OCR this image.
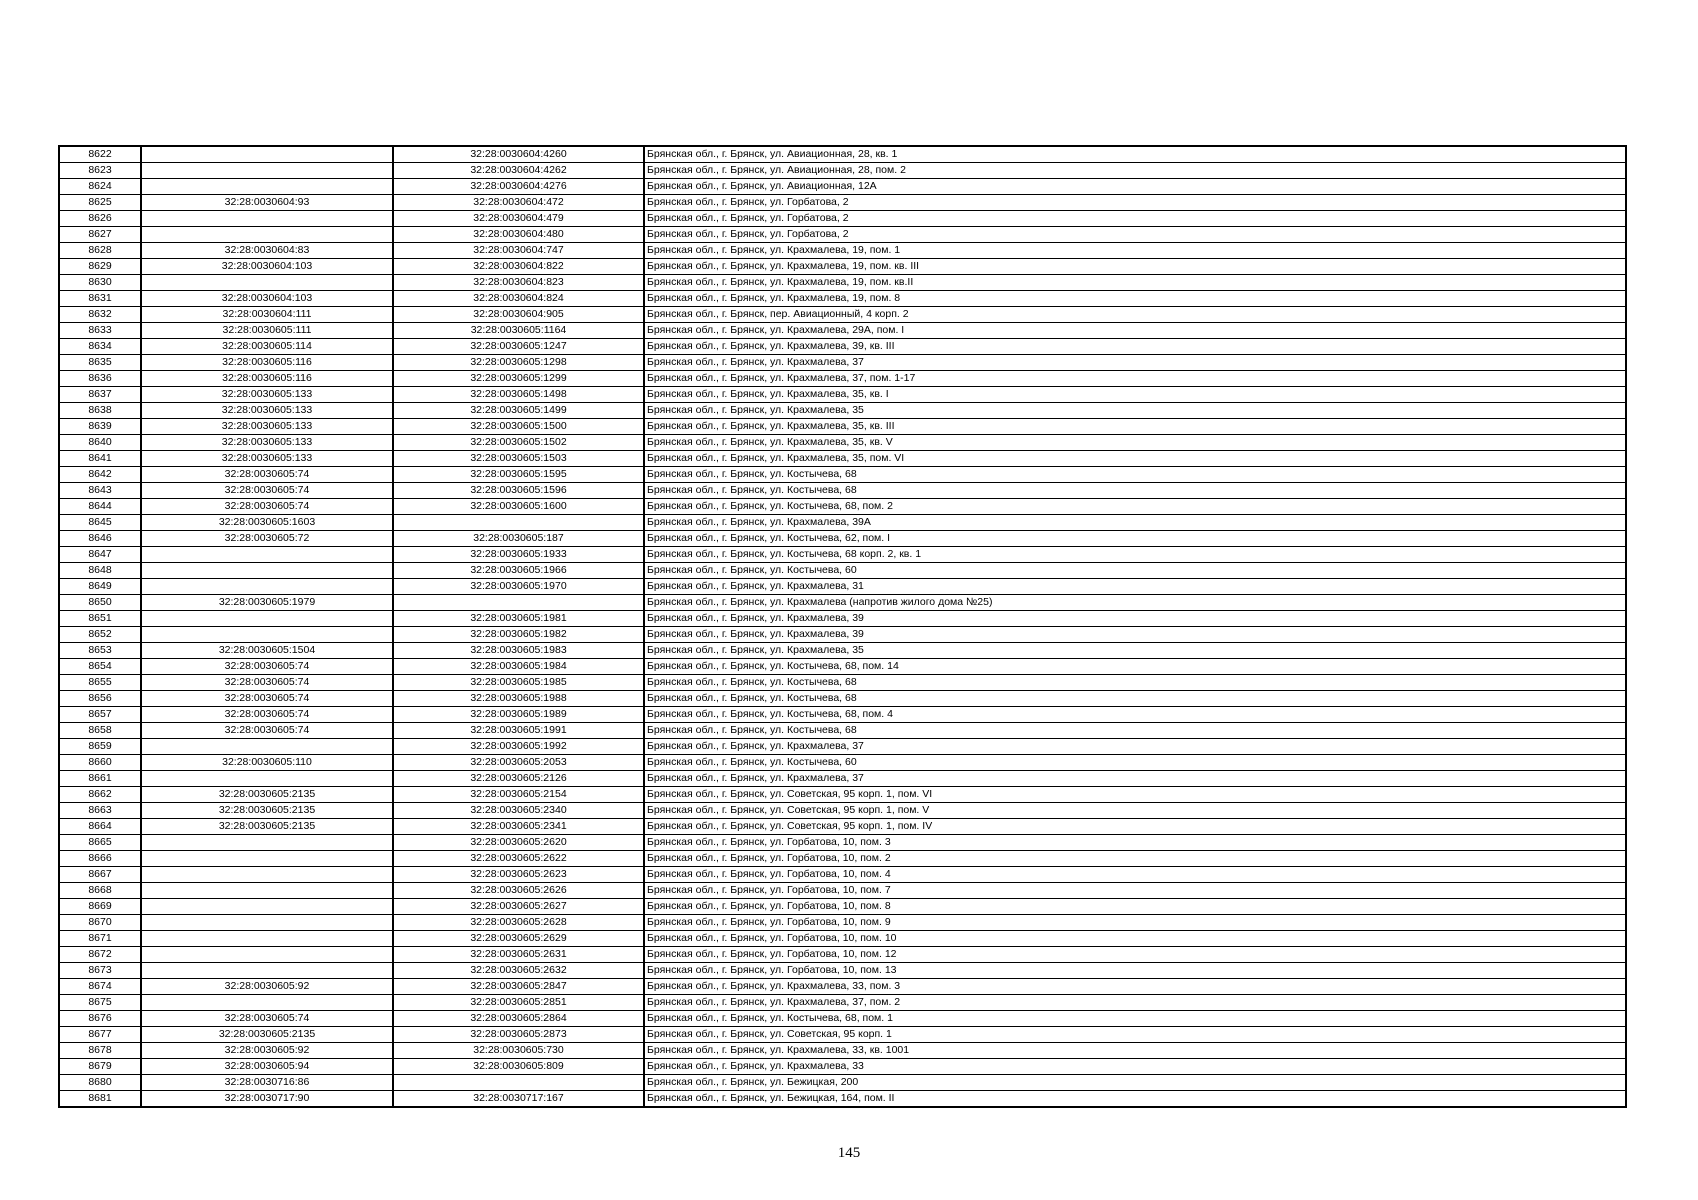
8622		32:28:0030604:4260	Брянская обл., г. Брянск, ул. Авиационная, 28, кв. 1
8623		32:28:0030604:4262	Брянская обл., г. Брянск, ул. Авиационная, 28, пом. 2
8624		32:28:0030604:4276	Брянская обл., г. Брянск, ул. Авиационная, 12А
8625	32:28:0030604:93	32:28:0030604:472	Брянская обл., г. Брянск, ул. Горбатова, 2
8626		32:28:0030604:479	Брянская обл., г. Брянск, ул. Горбатова, 2
8627		32:28:0030604:480	Брянская обл., г. Брянск, ул. Горбатова, 2
8628	32:28:0030604:83	32:28:0030604:747	Брянская обл., г. Брянск, ул. Крахмалева, 19, пом. 1
8629	32:28:0030604:103	32:28:0030604:822	Брянская обл., г. Брянск, ул. Крахмалева, 19, пом. кв. III
8630		32:28:0030604:823	Брянская обл., г. Брянск, ул. Крахмалева, 19, пом. кв.II
8631	32:28:0030604:103	32:28:0030604:824	Брянская обл., г. Брянск, ул. Крахмалева, 19, пом. 8
8632	32:28:0030604:111	32:28:0030604:905	Брянская обл., г. Брянск, пер. Авиационный, 4 корп. 2
8633	32:28:0030605:111	32:28:0030605:1164	Брянская обл., г. Брянск, ул. Крахмалева, 29А, пом. I
8634	32:28:0030605:114	32:28:0030605:1247	Брянская обл., г. Брянск, ул. Крахмалева, 39, кв. III
8635	32:28:0030605:116	32:28:0030605:1298	Брянская обл., г. Брянск, ул. Крахмалева, 37
8636	32:28:0030605:116	32:28:0030605:1299	Брянская обл., г. Брянск, ул. Крахмалева, 37, пом. 1-17
8637	32:28:0030605:133	32:28:0030605:1498	Брянская обл., г. Брянск, ул. Крахмалева, 35, кв. I
8638	32:28:0030605:133	32:28:0030605:1499	Брянская обл., г. Брянск, ул. Крахмалева, 35
8639	32:28:0030605:133	32:28:0030605:1500	Брянская обл., г. Брянск, ул. Крахмалева, 35, кв. III
8640	32:28:0030605:133	32:28:0030605:1502	Брянская обл., г. Брянск, ул. Крахмалева, 35, кв. V
8641	32:28:0030605:133	32:28:0030605:1503	Брянская обл., г. Брянск, ул. Крахмалева, 35, пом. VI
8642	32:28:0030605:74	32:28:0030605:1595	Брянская обл., г. Брянск, ул. Костычева, 68
8643	32:28:0030605:74	32:28:0030605:1596	Брянская обл., г. Брянск, ул. Костычева, 68
8644	32:28:0030605:74	32:28:0030605:1600	Брянская обл., г. Брянск, ул. Костычева, 68, пом. 2
8645	32:28:0030605:1603		Брянская обл., г. Брянск, ул. Крахмалева, 39А
8646	32:28:0030605:72	32:28:0030605:187	Брянская обл., г. Брянск, ул. Костычева, 62, пом. I
8647		32:28:0030605:1933	Брянская обл., г. Брянск, ул. Костычева, 68 корп. 2, кв. 1
8648		32:28:0030605:1966	Брянская обл., г. Брянск, ул. Костычева, 60
8649		32:28:0030605:1970	Брянская обл., г. Брянск, ул. Крахмалева, 31
8650	32:28:0030605:1979		Брянская обл., г. Брянск, ул. Крахмалева (напротив жилого дома №25)
8651		32:28:0030605:1981	Брянская обл., г. Брянск, ул. Крахмалева, 39
8652		32:28:0030605:1982	Брянская обл., г. Брянск, ул. Крахмалева, 39
8653	32:28:0030605:1504	32:28:0030605:1983	Брянская обл., г. Брянск, ул. Крахмалева, 35
8654	32:28:0030605:74	32:28:0030605:1984	Брянская обл., г. Брянск, ул. Костычева, 68, пом. 14
8655	32:28:0030605:74	32:28:0030605:1985	Брянская обл., г. Брянск, ул. Костычева, 68
8656	32:28:0030605:74	32:28:0030605:1988	Брянская обл., г. Брянск, ул. Костычева, 68
8657	32:28:0030605:74	32:28:0030605:1989	Брянская обл., г. Брянск, ул. Костычева, 68, пом. 4
8658	32:28:0030605:74	32:28:0030605:1991	Брянская обл., г. Брянск, ул. Костычева, 68
8659		32:28:0030605:1992	Брянская обл., г. Брянск, ул. Крахмалева, 37
8660	32:28:0030605:110	32:28:0030605:2053	Брянская обл., г. Брянск, ул. Костычева, 60
8661		32:28:0030605:2126	Брянская обл., г. Брянск, ул. Крахмалева, 37
8662	32:28:0030605:2135	32:28:0030605:2154	Брянская обл., г. Брянск, ул. Советская, 95 корп. 1, пом. VI
8663	32:28:0030605:2135	32:28:0030605:2340	Брянская обл., г. Брянск, ул. Советская, 95 корп. 1, пом. V
8664	32:28:0030605:2135	32:28:0030605:2341	Брянская обл., г. Брянск, ул. Советская, 95 корп. 1, пом. IV
8665		32:28:0030605:2620	Брянская обл., г. Брянск, ул. Горбатова, 10, пом. 3
8666		32:28:0030605:2622	Брянская обл., г. Брянск, ул. Горбатова, 10, пом. 2
8667		32:28:0030605:2623	Брянская обл., г. Брянск, ул. Горбатова, 10, пом. 4
8668		32:28:0030605:2626	Брянская обл., г. Брянск, ул. Горбатова, 10, пом. 7
8669		32:28:0030605:2627	Брянская обл., г. Брянск, ул. Горбатова, 10, пом. 8
8670		32:28:0030605:2628	Брянская обл., г. Брянск, ул. Горбатова, 10, пом. 9
8671		32:28:0030605:2629	Брянская обл., г. Брянск, ул. Горбатова, 10, пом. 10
8672		32:28:0030605:2631	Брянская обл., г. Брянск, ул. Горбатова, 10, пом. 12
8673		32:28:0030605:2632	Брянская обл., г. Брянск, ул. Горбатова, 10, пом. 13
8674	32:28:0030605:92	32:28:0030605:2847	Брянская обл., г. Брянск, ул. Крахмалева, 33, пом. 3
8675		32:28:0030605:2851	Брянская обл., г. Брянск, ул. Крахмалева, 37, пом. 2
8676	32:28:0030605:74	32:28:0030605:2864	Брянская обл., г. Брянск, ул. Костычева, 68, пом. 1
8677	32:28:0030605:2135	32:28:0030605:2873	Брянская обл., г. Брянск, ул. Советская, 95 корп. 1
8678	32:28:0030605:92	32:28:0030605:730	Брянская обл., г. Брянск, ул. Крахмалева, 33, кв. 1001
8679	32:28:0030605:94	32:28:0030605:809	Брянская обл., г. Брянск, ул. Крахмалева, 33
8680	32:28:0030716:86		Брянская обл., г. Брянск, ул. Бежицкая, 200
8681	32:28:0030717:90	32:28:0030717:167	Брянская обл., г. Брянск, ул. Бежицкая, 164, пом. II
145
